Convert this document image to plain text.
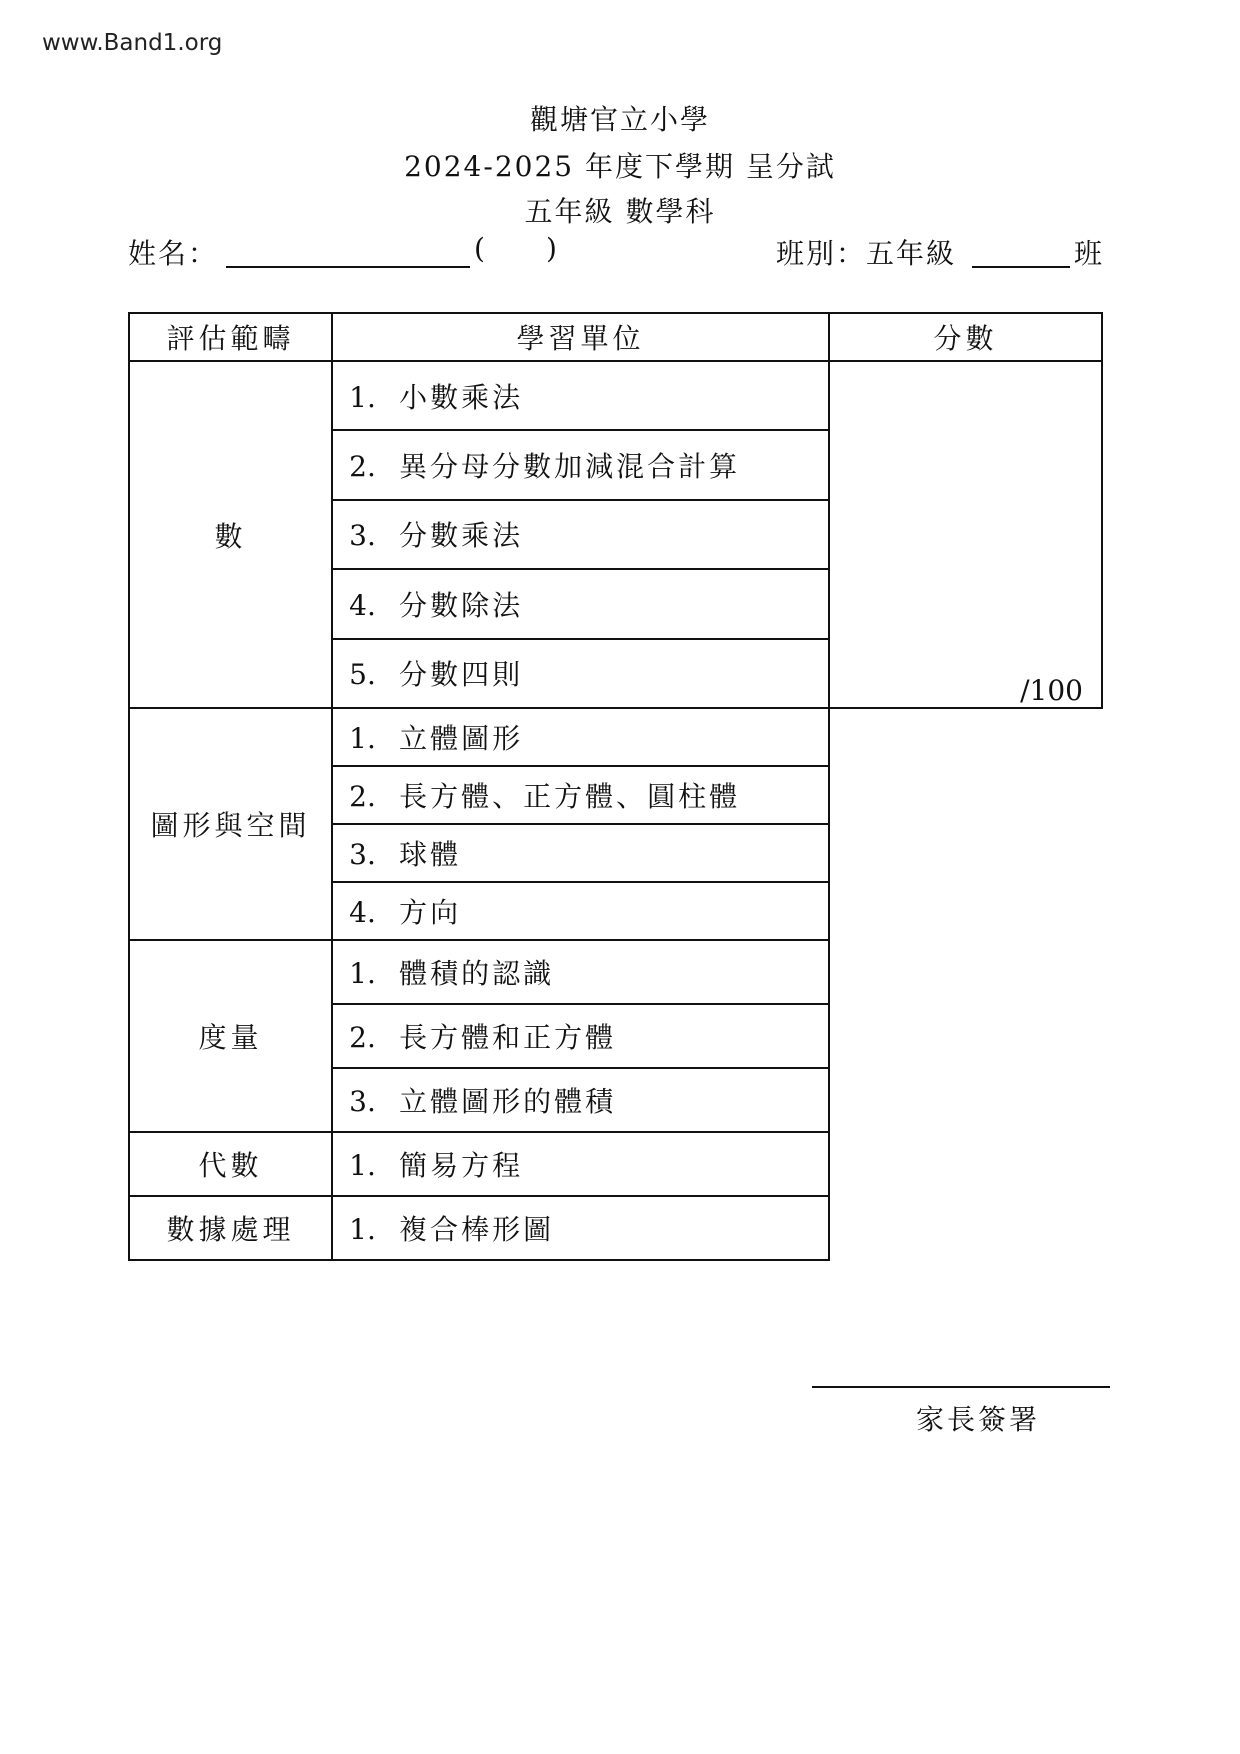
www.Band1.org
觀塘官立小學
2024-2025 年度下學期 呈分試
五年級 數學科
姓名：	( )	班別：五年級	班
評估範疇	學習單位	分數
數	1. 小數乘法	/100
	2. 異分母分數加減混合計算	
	3. 分數乘法	
	4. 分數除法	
	5. 分數四則	
圖形與空間	1. 立體圖形	
	2. 長方體、正方體、圓柱體	
	3. 球體	
	4. 方向	
度量	1. 體積的認識	
	2. 長方體和正方體	
	3. 立體圖形的體積	
代數	1. 簡易方程	
數據處理	1. 複合棒形圖	
家長簽署
